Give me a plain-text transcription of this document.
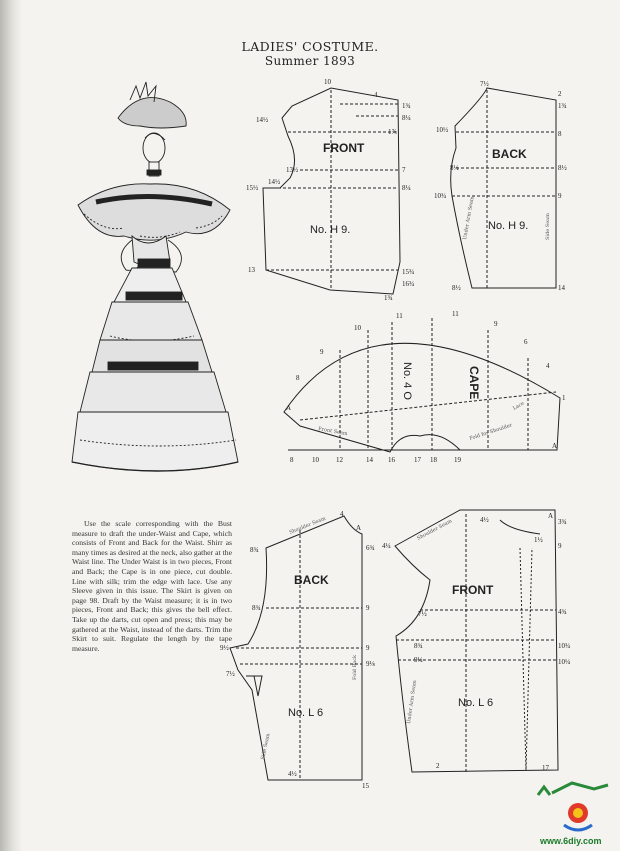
LADIES' COSTUME.
Summer 1893
Use the scale corresponding with the Bust measure to draft the under-Waist and Cape, which consists of Front and Back for the Waist. Shirr as many times as desired at the neck, also gather at the Waist line. The Under Waist is in two pieces, Front and Back; the Cape is in one piece, cut double. Line with silk; trim the edge with lace. Use any Sleeve given in this issue. The Skirt is given on page 98. Draft by the Waist measure; it is in two pieces, Front and Back; this gives the bell effect. Take up the darts, cut open and press; this may be gathered at the Waist, instead of the darts. Trim the Skirt to suit. Regulate the length by the tape measure.
FRONT
No. H 9.
10
4
1¾
8¼
1⅞
14½
13½	7
14½
15½	8¼
13	15¾
16¾
1¾
BACK
No. H 9.
7½
2
1¾
8
10½
8½	8½
9
10¾
8½	14
Under Arm Seam	Side Seam
No. 4 O	CAPE
8
9
10
11	11
9
6
4
1
A
A
8	10 12	14 16	17 18 19
Front Seam	Fold for Shoulder
Lace
BACK
No. L 6
8¾
A
4
6¾
8¾	9
9½
7½
9
9⅛
15
4½
Shoulder Seam
Side Seam
Fold Back
FRONT
No. L 6
A
4½	3¾
1½
9
4¼
7½	4¾
8¾
9¼
10¾
10¼
2	17
Shoulder Seam
Under Arm Seam
www.6diy.com
